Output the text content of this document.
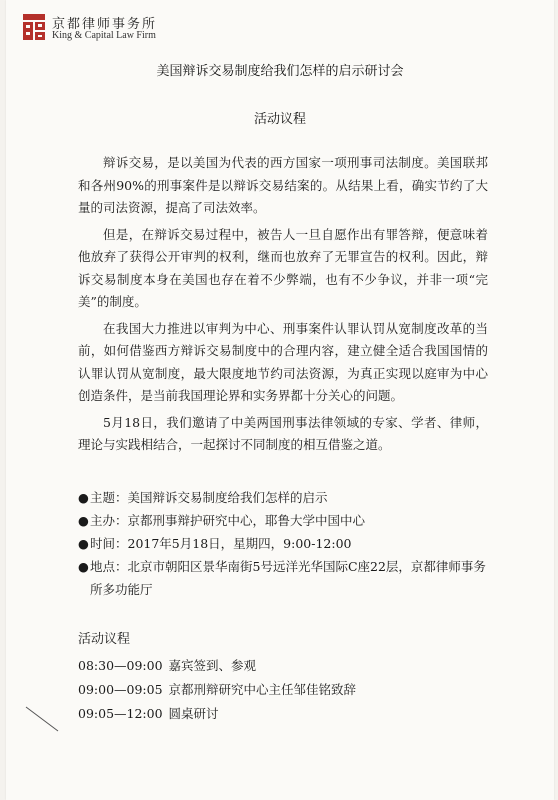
京都律师事务所
King & Capital Law Firm
美国辩诉交易制度给我们怎样的启示研讨会
活动议程

辩诉交易，是以美国为代表的西方国家一项刑事司法制度。美国联邦和各州90%的刑事案件是以辩诉交易结案的。从结果上看，确实节约了大量的司法资源，提高了司法效率。

但是，在辩诉交易过程中，被告人一旦自愿作出有罪答辩，便意味着他放弃了获得公开审判的权利，继而也放弃了无罪宣告的权利。因此，辩诉交易制度本身在美国也存在着不少弊端，也有不少争议，并非一项“完美”的制度。

在我国大力推进以审判为中心、刑事案件认罪认罚从宽制度改革的当前，如何借鉴西方辩诉交易制度中的合理内容，建立健全适合我国国情的认罪认罚从宽制度，最大限度地节约司法资源，为真正实现以庭审为中心创造条件，是当前我国理论界和实务界都十分关心的问题。

5月18日，我们邀请了中美两国刑事法律领域的专家、学者、律师，理论与实践相结合，一起探讨不同制度的相互借鉴之道。

● 主题：美国辩诉交易制度给我们怎样的启示
● 主办：京都刑事辩护研究中心，耶鲁大学中国中心
● 时间：2017年5月18日，星期四，9:00-12:00
● 地点：北京市朝阳区景华南街5号远洋光华国际C座22层，京都律师事务所多功能厅
活动议程
08:30—09:00 嘉宾签到、参观
09:00—09:05 京都刑辩研究中心主任邹佳铭致辞
09:05—12:00 圆桌研讨
